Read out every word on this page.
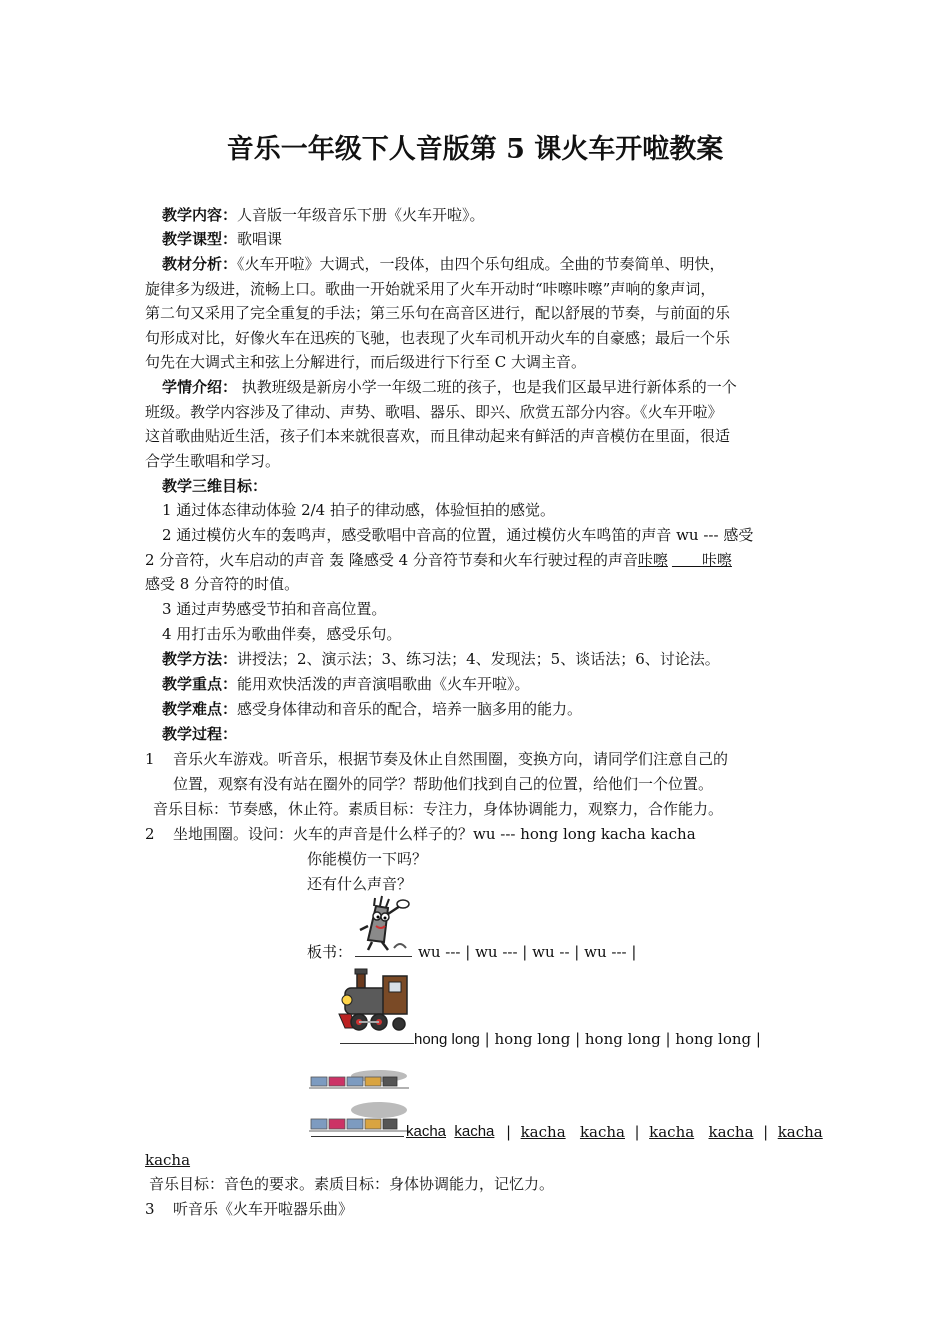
音乐一年级下人音版第 5 课火车开啦教案
教学内容：人音版一年级音乐下册《火车开啦》。
教学课型：歌唱课
教材分析：《火车开啦》大调式，一段体，由四个乐句组成。全曲的节奏简单、明快，
旋律多为级进，流畅上口。歌曲一开始就采用了火车开动时“咔嚓咔嚓”声响的象声词，
第二句又采用了完全重复的手法；第三乐句在高音区进行，配以舒展的节奏，与前面的乐
句形成对比，好像火车在迅疾的飞驰，也表现了火车司机开动火车的自豪感；最后一个乐
句先在大调式主和弦上分解进行，而后级进行下行至 C 大调主音。
学情介绍： 执教班级是新房小学一年级二班的孩子，也是我们区最早进行新体系的一个
班级。教学内容涉及了律动、声势、歌唱、器乐、即兴、欣赏五部分内容。《火车开啦》
这首歌曲贴近生活，孩子们本来就很喜欢，而且律动起来有鲜活的声音模仿在里面，很适
合学生歌唱和学习。
教学三维目标：
1 通过体态律动体验 2/4 拍子的律动感，体验恒拍的感觉。
2 通过模仿火车的轰鸣声，感受歌唱中音高的位置，通过模仿火车鸣笛的声音 wu --- 感受
2 分音符，火车启动的声音 轰 隆感受 4 分音符节奏和火车行驶过程的声音咔嚓   咔嚓
感受 8 分音符的时值。
3 通过声势感受节拍和音高位置。
4 用打击乐为歌曲伴奏，感受乐句。
教学方法：讲授法；2、演示法；3、练习法；4、发现法；5、谈话法；6、讨论法。
教学重点：能用欢快活泼的声音演唱歌曲《火车开啦》。
教学难点：感受身体律动和音乐的配合，培养一脑多用的能力。
教学过程：
1 音乐火车游戏。听音乐，根据节奏及休止自然围圈，变换方向，请同学们注意自己的
位置，观察有没有站在圈外的同学？帮助他们找到自己的位置，给他们一个位置。
音乐目标：节奏感，休止符。素质目标：专注力，身体协调能力，观察力，合作能力。
2 坐地围圈。设问：火车的声音是什么样子的？wu --- hong long kacha kacha
你能模仿一下吗？
还有什么声音？
板书：	wu --- | wu --- | wu -- | wu --- |
hong long | hong long | hong long | hong long |
kacha kacha |  kacha kacha  |  kacha kacha  |  kacha
kacha
音乐目标：音色的要求。素质目标：身体协调能力，记忆力。
3 听音乐《火车开啦器乐曲》
